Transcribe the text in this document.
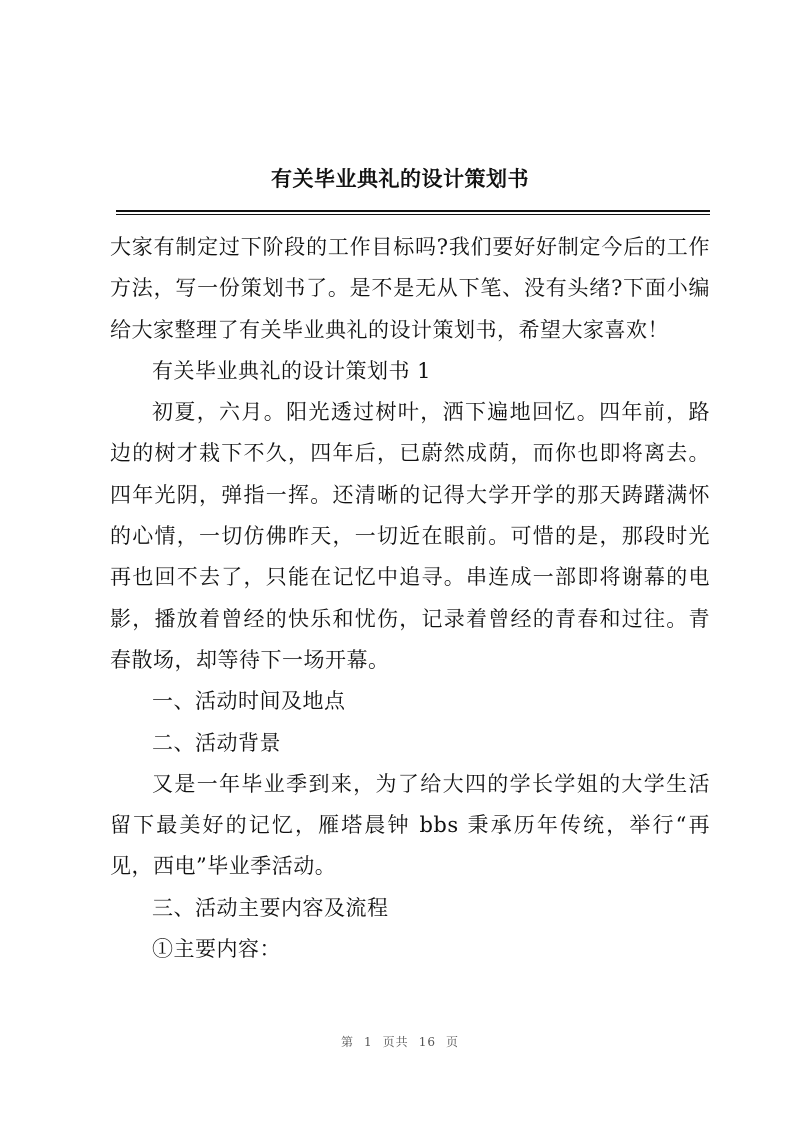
有关毕业典礼的设计策划书

大家有制定过下阶段的工作目标吗?我们要好好制定今后的工作方法，写一份策划书了。是不是无从下笔、没有头绪?下面小编给大家整理了有关毕业典礼的设计策划书，希望大家喜欢！

有关毕业典礼的设计策划书 1

初夏，六月。阳光透过树叶，洒下遍地回忆。四年前，路边的树才栽下不久，四年后，已蔚然成荫，而你也即将离去。四年光阴，弹指一挥。还清晰的记得大学开学的那天踌躇满怀的心情，一切仿佛昨天，一切近在眼前。可惜的是，那段时光再也回不去了，只能在记忆中追寻。串连成一部即将谢幕的电影，播放着曾经的快乐和忧伤，记录着曾经的青春和过往。青春散场，却等待下一场开幕。

一、活动时间及地点

二、活动背景

又是一年毕业季到来，为了给大四的学长学姐的大学生活留下最美好的记忆，雁塔晨钟 bbs 秉承历年传统，举行“再见，西电”毕业季活动。

三、活动主要内容及流程

①主要内容：

第 1 页共 16 页
